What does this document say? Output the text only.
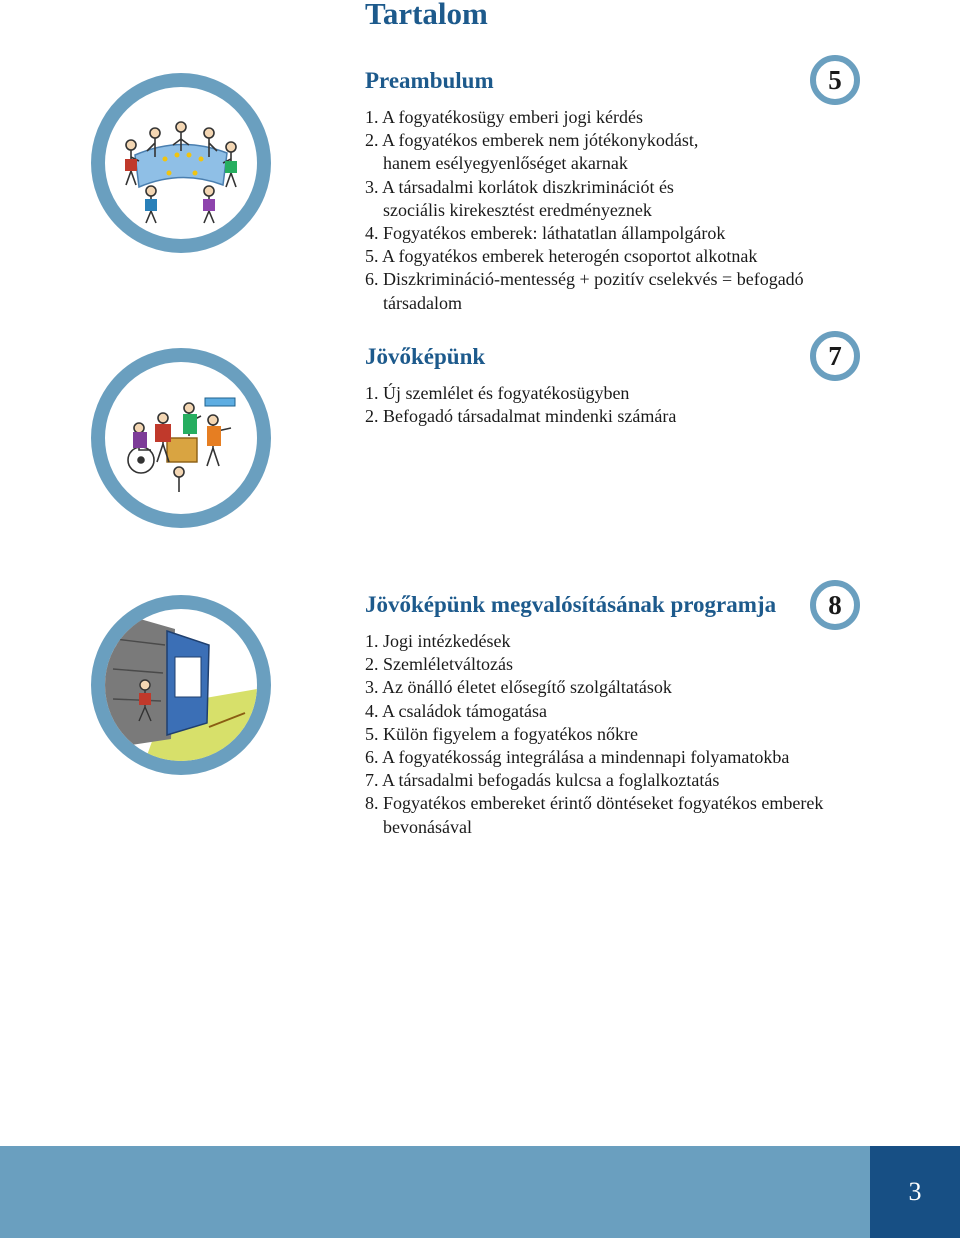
Tartalom
Preambulum
1. A fogyatékosügy emberi jogi kérdés
2. A fogyatékos emberek nem jótékonykodást, hanem esélyegyenlőséget akarnak
3. A társadalmi korlátok diszkriminációt és szociális kirekesztést eredményeznek
4. Fogyatékos emberek: láthatatlan állampolgárok
5. A fogyatékos emberek heterogén csoportot alkotnak
6. Diszkrimináció-mentesség + pozitív cselekvés = befogadó társadalom
5
Jövőképünk
1. Új szemlélet és fogyatékosügyben
2. Befogadó társadalmat mindenki számára
7
Jövőképünk megvalósításának programja
1. Jogi intézkedések
2. Szemléletváltozás
3. Az önálló életet elősegítő szolgáltatások
4. A családok támogatása
5. Külön figyelem a fogyatékos nőkre
6. A fogyatékosság integrálása a mindennapi folyamatokba
7. A társadalmi befogadás kulcsa a foglalkoztatás
8. Fogyatékos embereket érintő döntéseket fogyatékos emberek bevonásával
8
3
